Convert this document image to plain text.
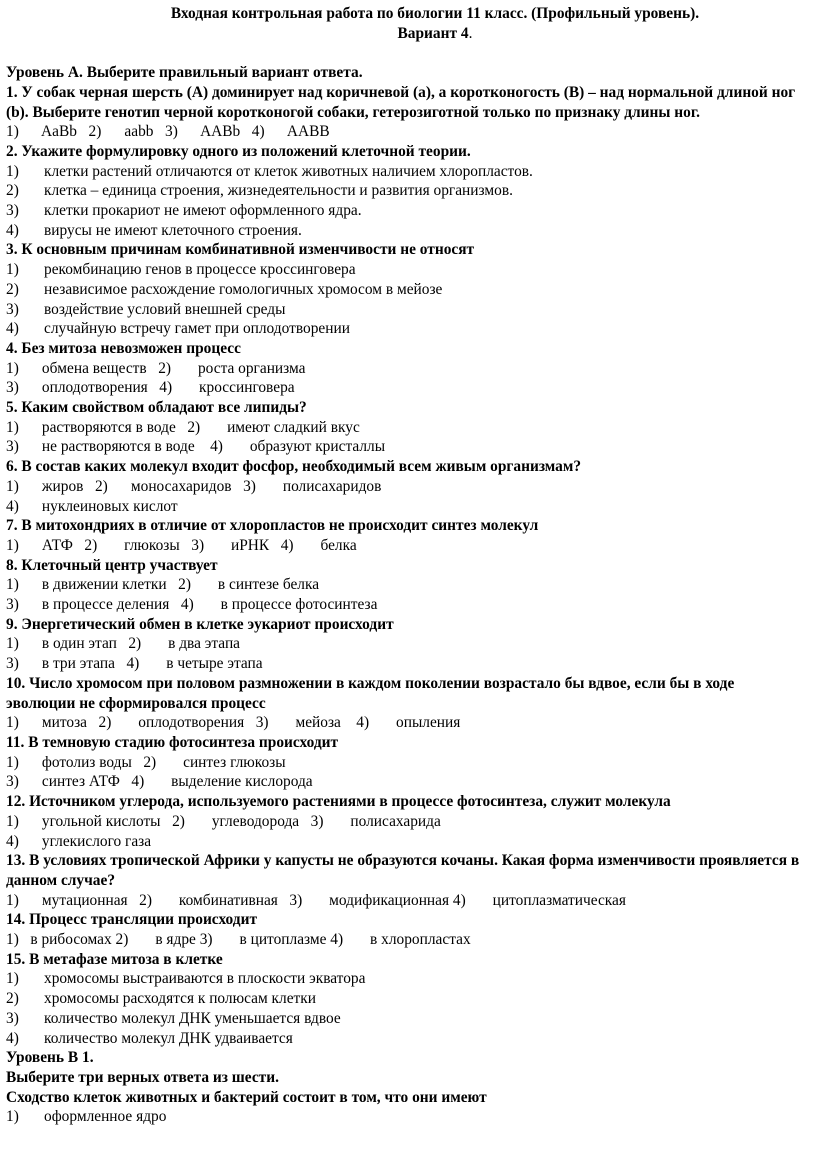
Входная контрольная работа по биологии 11 класс. (Профильный уровень).
Вариант 4.
Уровень А. Выберите правильный вариант ответа.
1. У собак черная шерсть (А) доминирует над коричневой (а), а коротконогость (В) – над нормальной длиной ног (b). Выберите генотип черной коротконогой собаки, гетерозиготной только по признаку длины ног.
1)      AaBb   2)      aabb   3)      AABb   4)      AABB
2. Укажите формулировку одного из положений клеточной теории.
1)	клетки растений отличаются от клеток животных наличием хлоропластов.
2)	клетка – единица строения, жизнедеятельности и развития организмов.
3)	клетки прокариот не имеют оформленного ядра.
4)	вирусы не имеют клеточного строения.
3. К основным причинам комбинативной изменчивости не относят
1)	рекомбинацию генов в процессе кроссинговера
2)	независимое расхождение гомологичных хромосом в мейозе
3)	воздействие условий внешней среды
4)	случайную встречу гамет при оплодотворении
4. Без митоза невозможен процесс
1)      обмена веществ   2)       роста организма
3)      оплодотворения   4)       кроссинговера
5. Каким свойством обладают все липиды?
1)      растворяются в воде   2)       имеют сладкий вкус
3)      не растворяются в воде    4)       образуют кристаллы
6. В состав каких молекул входит фосфор, необходимый всем живым организмам?
1)      жиров   2)      моносахаридов   3)       полисахаридов
4)      нуклеиновых кислот
7. В митохондриях в отличие от хлоропластов не происходит синтез молекул
1)      АТФ   2)       глюкозы   3)       иРНК   4)       белка
8. Клеточный центр участвует
1)      в движении клетки   2)       в синтезе белка
3)      в процессе деления   4)       в процессе фотосинтеза
9. Энергетический обмен в клетке эукариот происходит
1)      в один этап   2)       в два этапа
3)      в три этапа   4)       в четыре этапа
10. Число хромосом при половом размножении в каждом поколении возрастало бы вдвое, если бы в ходе эволюции не сформировался процесс
1)      митоза   2)       оплодотворения   3)       мейоза    4)       опыления
11. В темновую стадию фотосинтеза происходит
1)      фотолиз воды   2)       синтез глюкозы
3)      синтез АТФ   4)       выделение кислорода
12. Источником углерода, используемого растениями в процессе фотосинтеза, служит молекула
1)      угольной кислоты   2)       углеводорода   3)       полисахарида
4)      углекислого газа
13. В условиях тропической Африки у капусты не образуются кочаны. Какая форма изменчивости проявляется в данном случае?
1)      мутационная   2)       комбинативная   3)       модификационная 4)       цитоплазматическая
14. Процесс трансляции происходит
1)   в рибосомах 2)       в ядре 3)       в цитоплазме 4)       в хлоропластах
15. В метафазе митоза в клетке
1)	хромосомы выстраиваются в плоскости экватора
2)	хромосомы расходятся к полюсам клетки
3)	количество молекул ДНК уменьшается вдвое
4)	количество молекул ДНК удваивается
Уровень В 1.
Выберите три верных ответа из шести.
Сходство клеток животных и бактерий состоит в том, что они имеют
1)	оформленное ядро
